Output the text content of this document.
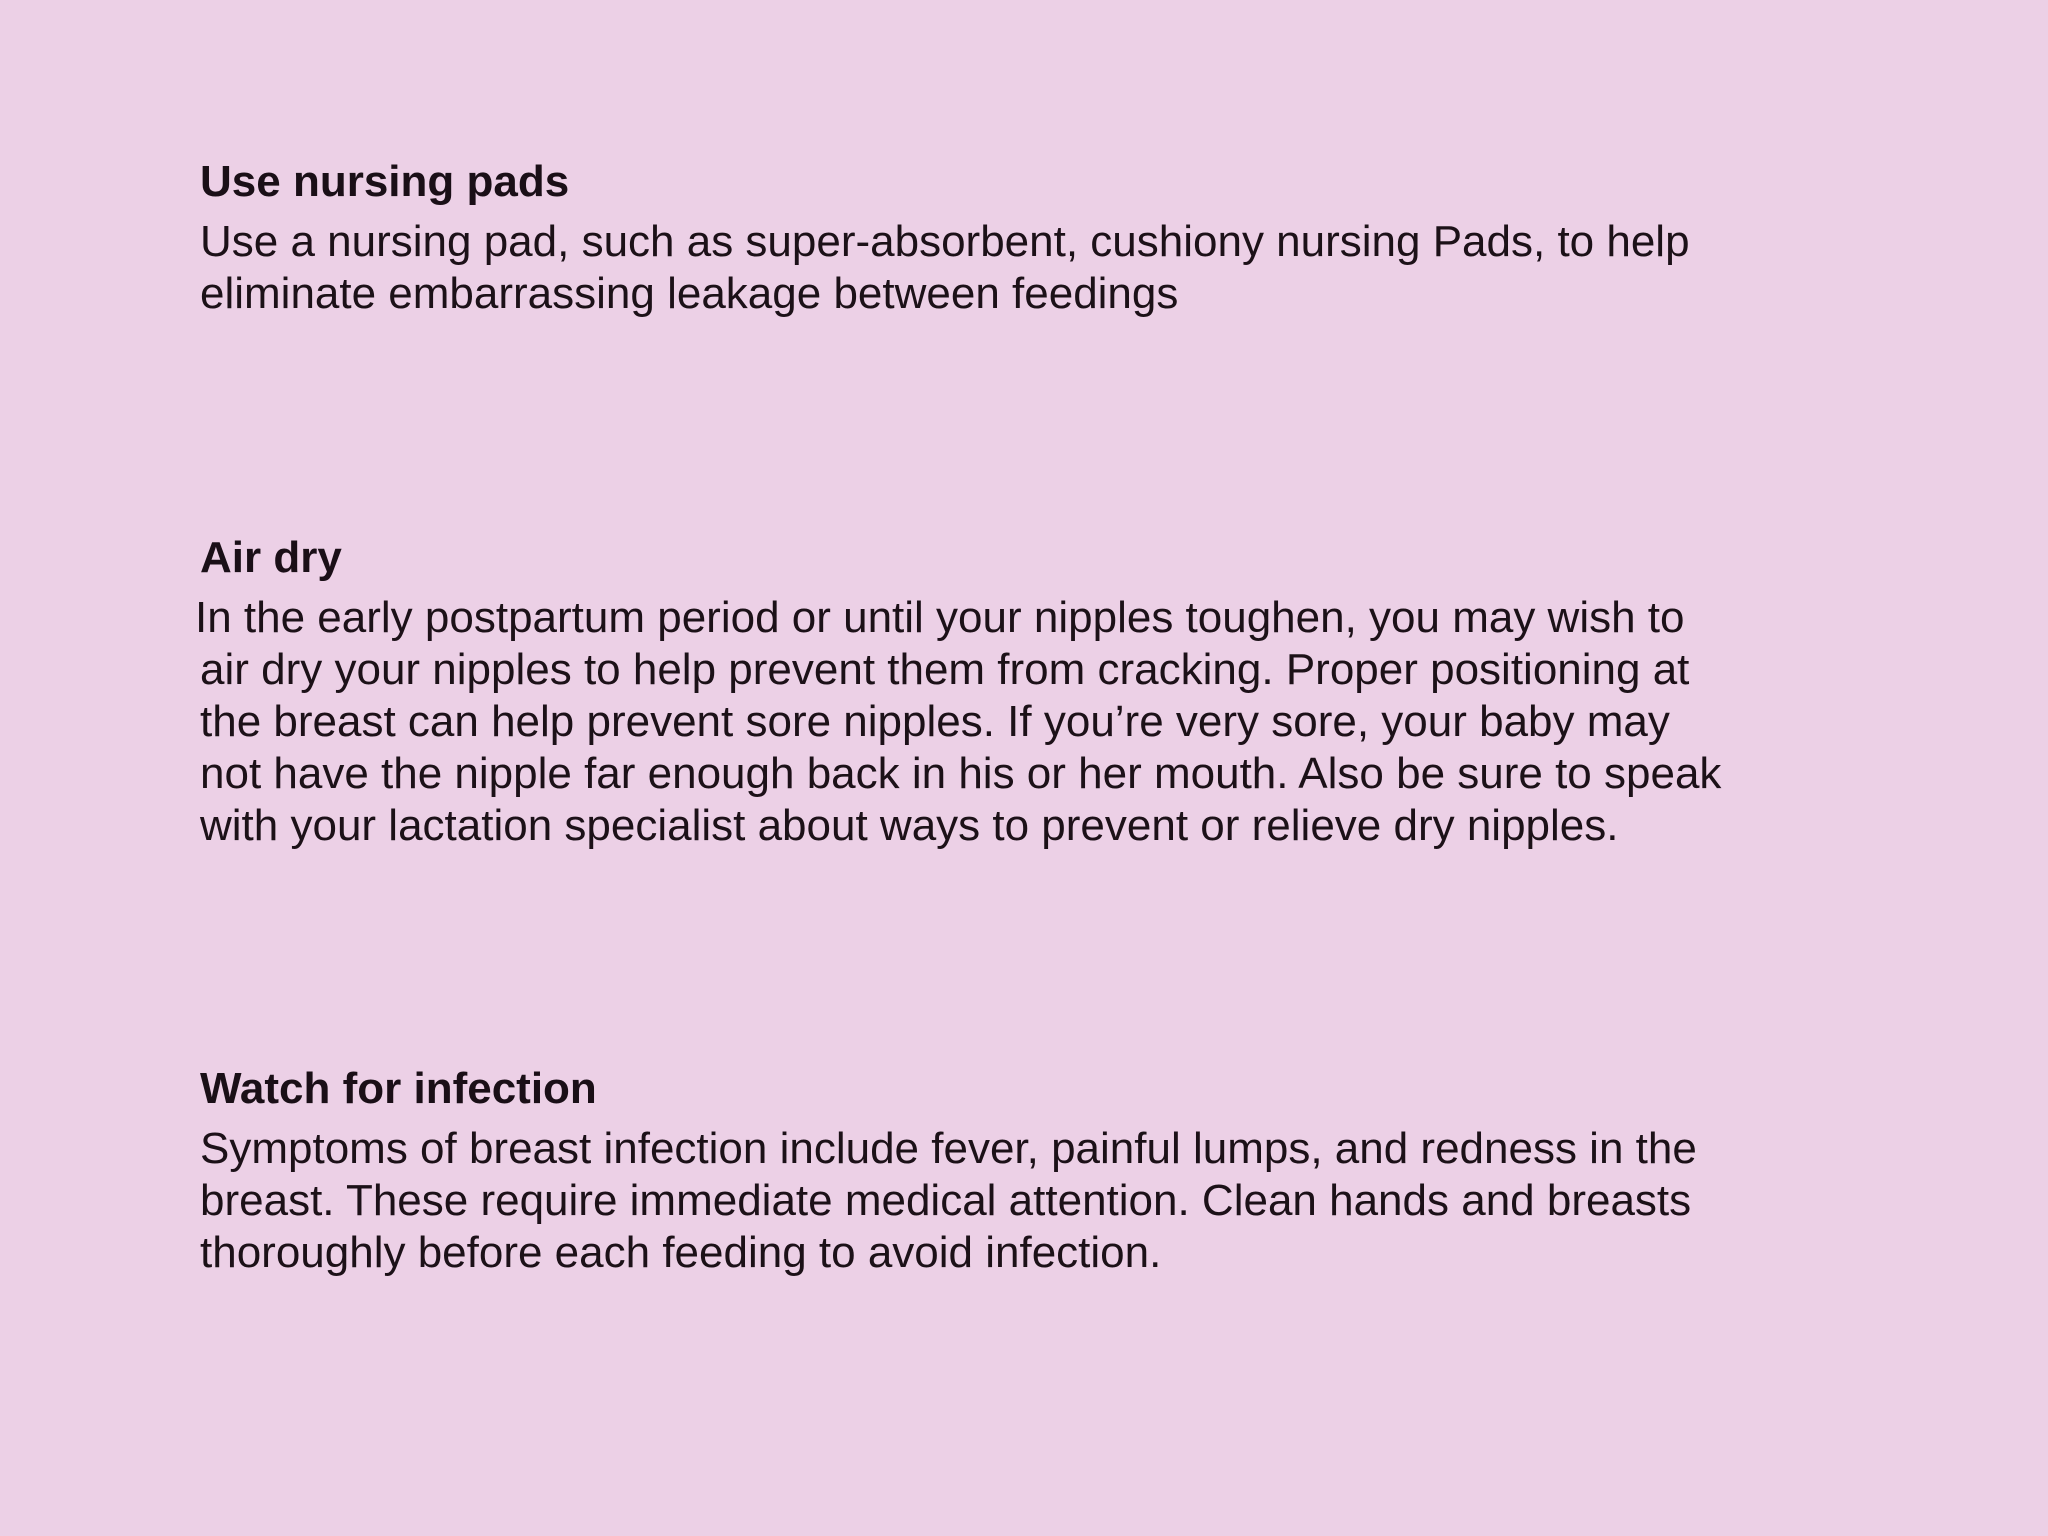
Use nursing pads

Use a nursing pad, such as super-absorbent, cushiony nursing Pads, to help
eliminate embarrassing leakage between feedings

Air dry

In the early postpartum period or until your nipples toughen, you may wish to
air dry your nipples to help prevent them from cracking. Proper positioning at
the breast can help prevent sore nipples. If you’re very sore, your baby may
not have the nipple far enough back in his or her mouth. Also be sure to speak
with your lactation specialist about ways to prevent or relieve dry nipples.

Watch for infection

Symptoms of breast infection include fever, painful lumps, and redness in the
breast. These require immediate medical attention. Clean hands and breasts
thoroughly before each feeding to avoid infection.
